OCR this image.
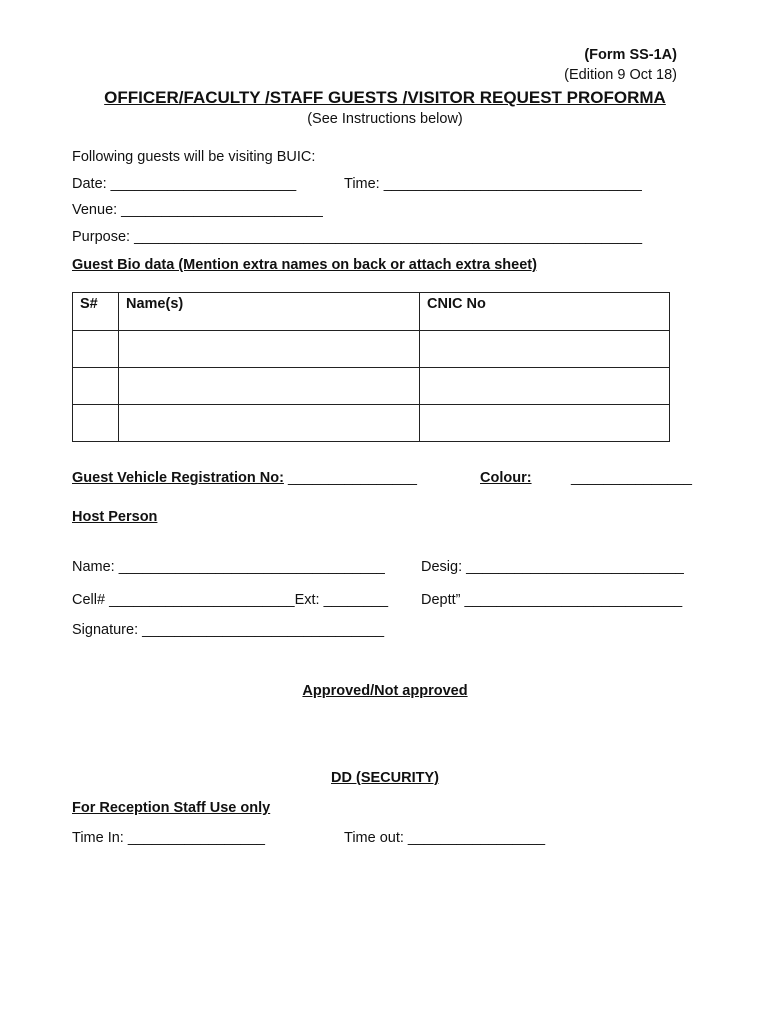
(Form SS-1A)
(Edition 9 Oct 18)
OFFICER/FACULTY /STAFF GUESTS /VISITOR REQUEST PROFORMA
(See Instructions below)
Following guests will be visiting BUIC:
Date: _______________________	Time: ________________________________
Venue: _________________________
Purpose: _______________________________________________________________
Guest Bio data (Mention extra names on back or attach extra sheet)
S#	Name(s)	CNIC No

Guest Vehicle Registration No: ________________	Colour:	_______________
Host Person
Name: _________________________________ Desig: ___________________________
Cell# _______________________Ext: ________ Deptt” ___________________________
Signature: ______________________________
Approved/Not approved
DD (SECURITY)
For Reception Staff Use only
Time In: _________________	Time out: _________________
